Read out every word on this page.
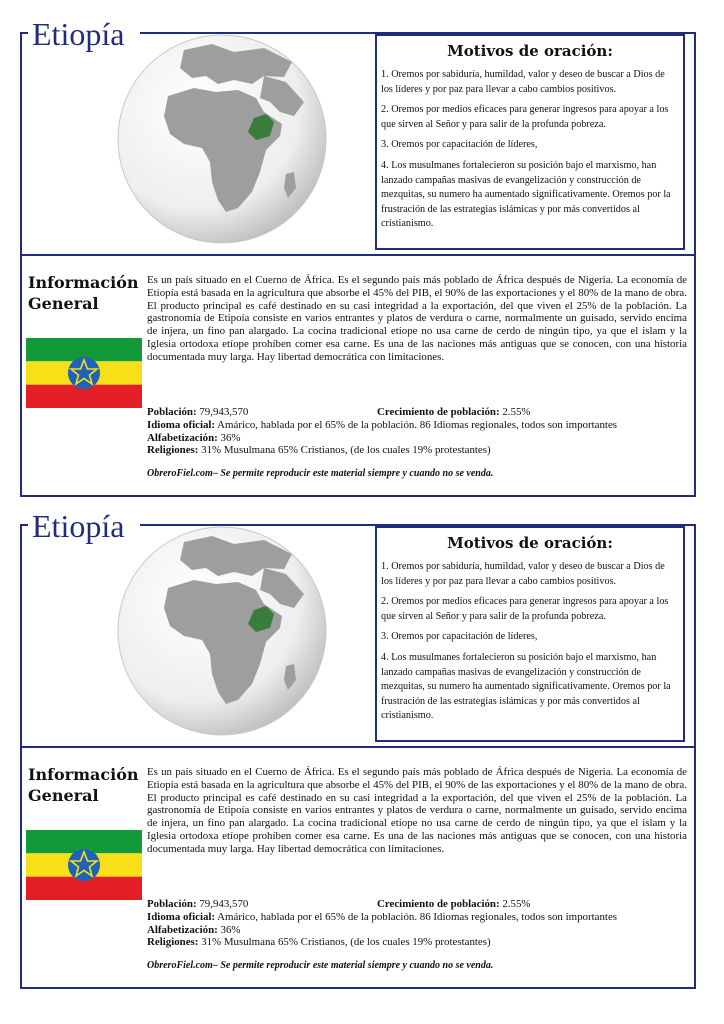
Etiopía	Motivos de oración:

1. Oremos por sabiduría, humildad, valor y deseo de buscar a Dios de los líderes y por paz para llevar a cabo cambios positivos.

2. Oremos por medios eficaces para generar ingresos para apoyar a los que sirven al Señor y para salir de la profunda pobreza.

3. Oremos por capacitación de líderes,

4. Los musulmanes fortalecieron su posición bajo el marxismo, han lanzado campañas masivas de evangelización y construcción de mezquitas, su numero ha aumentado significativamente. Oremos por la frustración de las estrategias islámicas y por más convertidos al cristianismo.

Información
General
Es un país situado en el Cuerno de África. Es el segundo país más poblado de África después de Nigeria. La economía de Etiopía está basada en la agricultura que absorbe el 45% del PIB, el 90% de las exportaciones y el 80% de la mano de obra. El producto principal es café destinado en su casi integridad a la exportación, del que viven el 25% de la población. La gastronomía de Etipoía consiste en varios entrantes y platos de verdura o carne, normalmente un guisado, servido encima de injera, un fino pan alargado. La cocina tradicional etíope no usa carne de cerdo de ningún tipo, ya que el islam y la Iglesia ortodoxa etíope prohíben comer esa carne. Es una de las naciones más antiguas que se conocen, con una historia documentada muy larga. Hay libertad democrática con limitaciones.
Población: 79,943,570	Crecimiento de población: 2.55%
Idioma oficial: Amárico, hablada por el 65% de la población. 86 Idiomas regionales, todos son importantes
Alfabetización: 36%
Religiones: 31% Musulmana 65% Cristianos, (de los cuales 19% protestantes)
ObreroFiel.com– Se permite reproducir este material siempre y cuando no se venda.
Etiopía	Motivos de oración:

1. Oremos por sabiduría, humildad, valor y deseo de buscar a Dios de los líderes y por paz para llevar a cabo cambios positivos.

2. Oremos por medios eficaces para generar ingresos para apoyar a los que sirven al Señor y para salir de la profunda pobreza.

3. Oremos por capacitación de líderes,

4. Los musulmanes fortalecieron su posición bajo el marxismo, han lanzado campañas masivas de evangelización y construcción de mezquitas, su numero ha aumentado significativamente. Oremos por la frustración de las estrategias islámicas y por más convertidos al cristianismo.

Información
General
Es un país situado en el Cuerno de África. Es el segundo país más poblado de África después de Nigeria. La economía de Etiopía está basada en la agricultura que absorbe el 45% del PIB, el 90% de las exportaciones y el 80% de la mano de obra. El producto principal es café destinado en su casi integridad a la exportación, del que viven el 25% de la población. La gastronomía de Etipoía consiste en varios entrantes y platos de verdura o carne, normalmente un guisado, servido encima de injera, un fino pan alargado. La cocina tradicional etíope no usa carne de cerdo de ningún tipo, ya que el islam y la Iglesia ortodoxa etíope prohíben comer esa carne. Es una de las naciones más antiguas que se conocen, con una historia documentada muy larga. Hay libertad democrática con limitaciones.
Población: 79,943,570	Crecimiento de población: 2.55%
Idioma oficial: Amárico, hablada por el 65% de la población. 86 Idiomas regionales, todos son importantes
Alfabetización: 36%
Religiones: 31% Musulmana 65% Cristianos, (de los cuales 19% protestantes)
ObreroFiel.com– Se permite reproducir este material siempre y cuando no se venda.
